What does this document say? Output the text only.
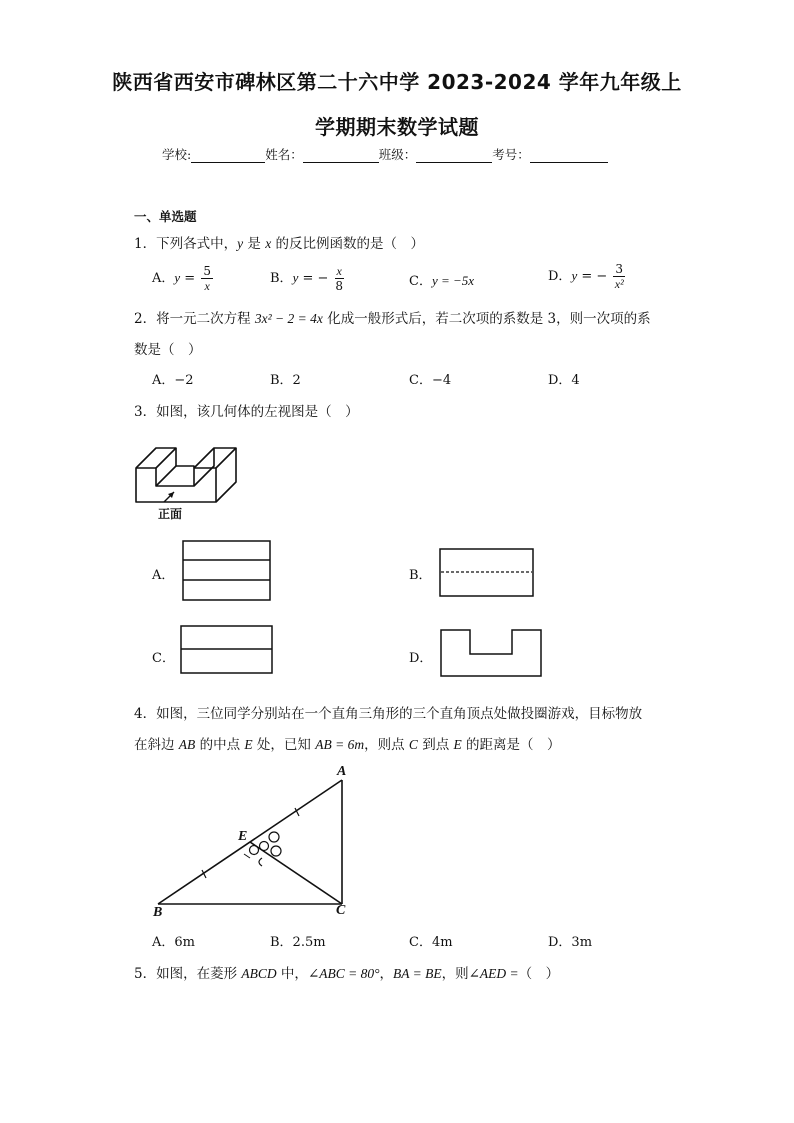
陕西省西安市碑林区第二十六中学 2023-2024 学年九年级上
学期期末数学试题
学校:	姓名：	班级：	考号：
一、单选题
1．下列各式中，y 是 x 的反比例函数的是（　）
A．$y = \frac{5}{x}$	B．y = − $\frac{x}{8}$	C．y = −5x	D．y = − $\frac{3}{\text{x²}}$
2．将一元二次方程 3x² − 2 = 4x 化成一般形式后，若二次项的系数是 3，则一次项的系
数是（　）
A．−2	B．2	C．−4	D．4
3．如图，该几何体的左视图是（　）
正面
A．	B．
C．	D．
4．如图，三位同学分别站在一个直角三角形的三个直角顶点处做投圈游戏，目标物放
在斜边 AB 的中点 E 处，已知 AB = 6m，则点 C 到点 E 的距离是（　）
A
E
B	C
A．6m	B．2.5m	C．4m	D．3m
5．如图，在菱形 ABCD 中，∠ABC = 80°，BA = BE，则∠AED =（　）
